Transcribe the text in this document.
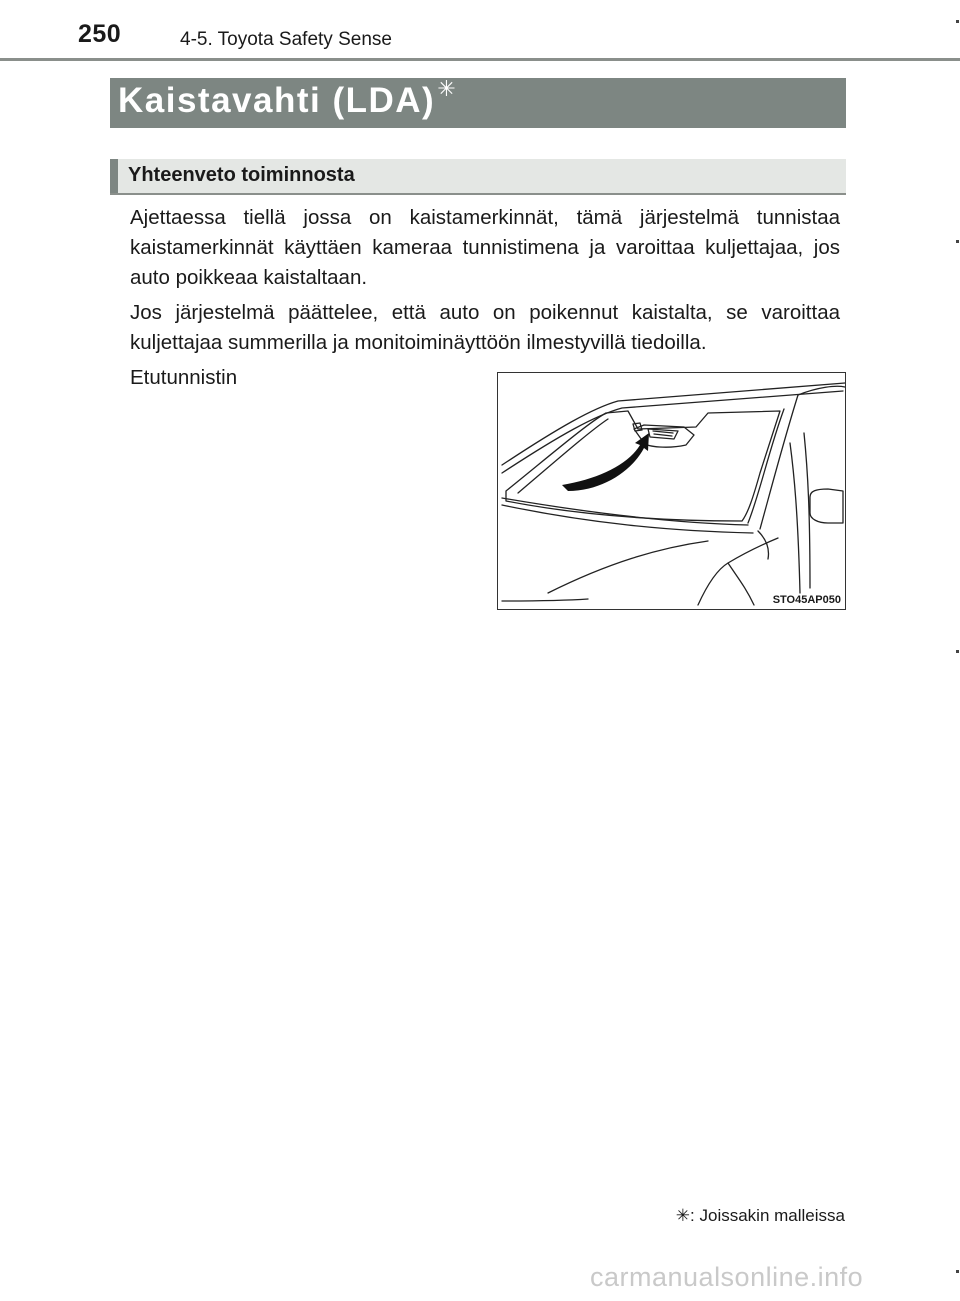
250	4-5. Toyota Safety Sense
Kaistavahti (LDA)✳
Yhteenveto toiminnosta

Ajettaessa tiellä jossa on kaistamerkinnät, tämä järjestelmä tunnistaa kaistamerkinnät käyttäen kameraa tunnistimena ja varoittaa kuljettajaa, jos auto poikkeaa kaistaltaan.

Jos järjestelmä päättelee, että auto on poikennut kaistalta, se varoittaa kuljettajaa summerilla ja monitoiminäyttöön ilmestyvillä tiedoilla.

Etutunnistin
STO45AP050
✳: Joissakin malleissa
carmanualsonline.info
